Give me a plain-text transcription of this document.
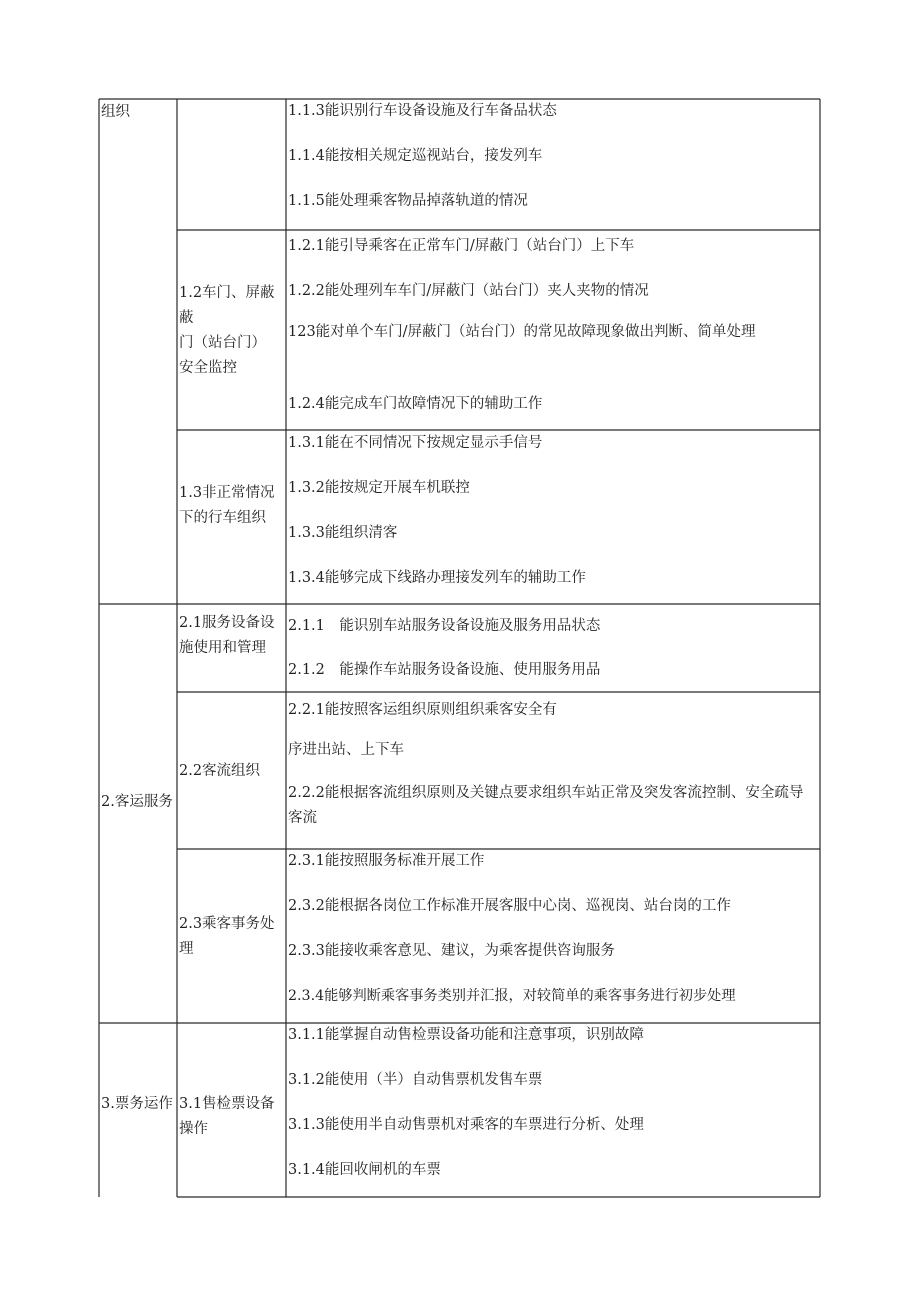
组织	1.1.3能识别行车设备设施及行车备品状态
1.1.4能按相关规定巡视站台，接发列车
1.1.5能处理乘客物品掉落轨道的情况
1.2车门、屏蔽
蔽
门（站台门）
安全监控
1.2.1能引导乘客在正常车门/屏蔽门（站台门）上下车
1.2.2能处理列车车门/屏蔽门（站台门）夹人夹物的情况
123能对单个车门/屏蔽门（站台门）的常见故障现象做出判断、简单处理
1.2.4能完成车门故障情况下的辅助工作
1.3非正常情况下的行车组织
1.3.1能在不同情况下按规定显示手信号
1.3.2能按规定开展车机联控
1.3.3能组织清客
1.3.4能够完成下线路办理接发列车的辅助工作
2.1服务设备设施使用和管理
2.1.1　能识别车站服务设备设施及服务用品状态
2.1.2　能操作车站服务设备设施、使用服务用品
2.客运服务
2.2客流组织
2.2.1能按照客运组织原则组织乘客安全有
序进出站、上下车
2.2.2能根据客流组织原则及关键点要求组织车站正常及突发客流控制、安全疏导客流
2.3乘客事务处理
2.3.1能按照服务标准开展工作
2.3.2能根据各岗位工作标准开展客服中心岗、巡视岗、站台岗的工作
2.3.3能接收乘客意见、建议，为乘客提供咨询服务
2.3.4能够判断乘客事务类别并汇报，对较简单的乘客事务进行初步处理
3.票务运作 3.1售检票设备操作
3.1.1能掌握自动售检票设备功能和注意事项，识别故障
3.1.2能使用（半）自动售票机发售车票
3.1.3能使用半自动售票机对乘客的车票进行分析、处理
3.1.4能回收闸机的车票
